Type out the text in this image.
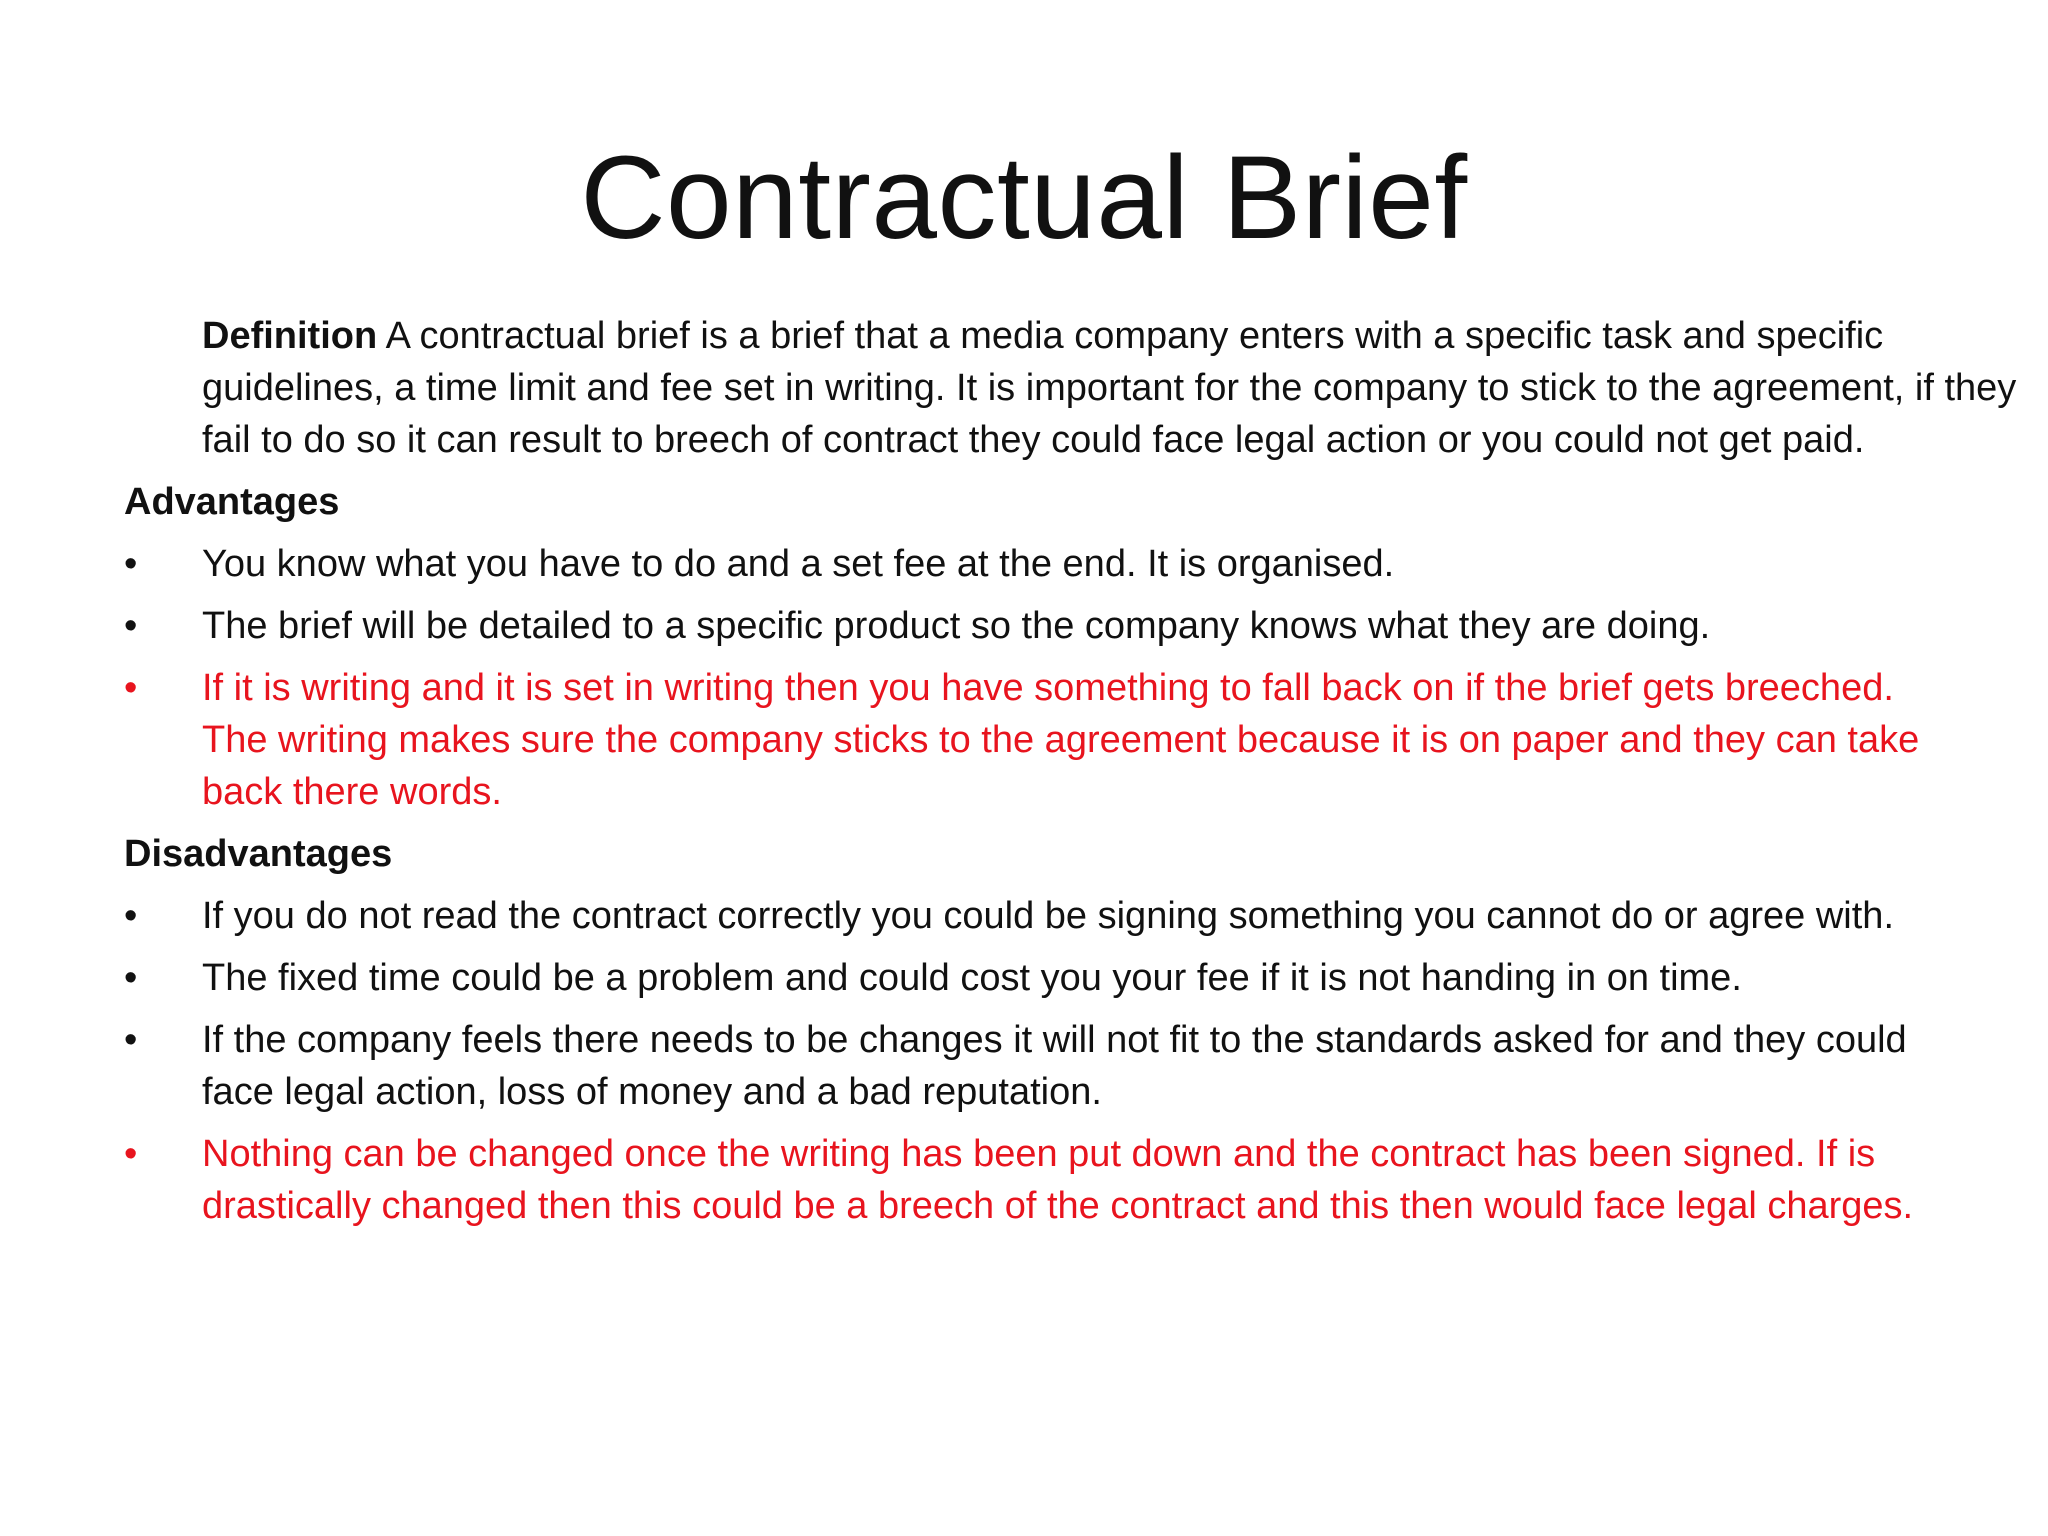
Contractual Brief
Definition A contractual brief is a brief that a media company enters with a specific task and specific guidelines, a time limit and fee set in writing. It is important for the company to stick to the agreement, if they fail to do so it can result to breech of contract they could face legal action or you could not get paid.
Advantages
• You know what you have to do and a set fee at the end. It is organised.
• The brief will be detailed to a specific product so the company knows what they are doing.
• If it is writing and it is set in writing then you have something to fall back on if the brief gets breeched. The writing makes sure the company sticks to the agreement because it is on paper and they can take back there words.
Disadvantages
• If you do not read the contract correctly you could be signing something you cannot do or agree with.
• The fixed time could be a problem and could cost you your fee if it is not handing in on time.
• If the company feels there needs to be changes it will not fit to the standards asked for and they could face legal action, loss of money and a bad reputation.
• Nothing can be changed once the writing has been put down and the contract has been signed. If is drastically changed then this could be a breech of the contract and this then would face legal charges.
